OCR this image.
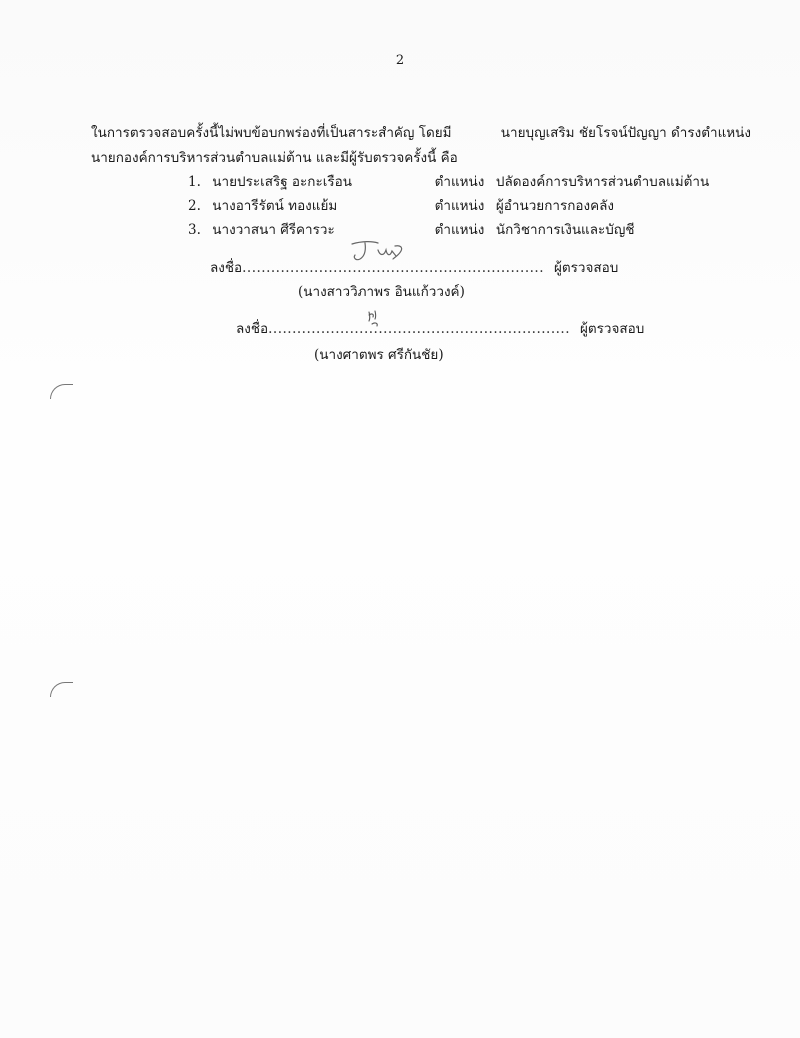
2
ในการตรวจสอบครั้งนี้ไม่พบข้อบกพร่องที่เป็นสาระสำคัญ โดยมี	นายบุญเสริม ชัยโรจน์ปัญญา ดำรงตำแหน่ง
นายกองค์การบริหารส่วนตำบลแม่ต้าน และมีผู้รับตรวจครั้งนี้ คือ
1. นายประเสริฐ อะกะเรือน	ตำแหน่ง ปลัดองค์การบริหารส่วนตำบลแม่ต้าน
2. นางอารีรัตน์ ทองแย้ม	ตำแหน่ง ผู้อำนวยการกองคลัง
3. นางวาสนา ศีรีคารวะ	ตำแหน่ง นักวิชาการเงินและบัญชี
ลงชื่อ............................................................... ผู้ตรวจสอบ
(นางสาววิภาพร อินแก้ววงค์)
ลงชื่อ............................................................... ผู้ตรวจสอบ
(นางศาตพร ศรีกันชัย)
